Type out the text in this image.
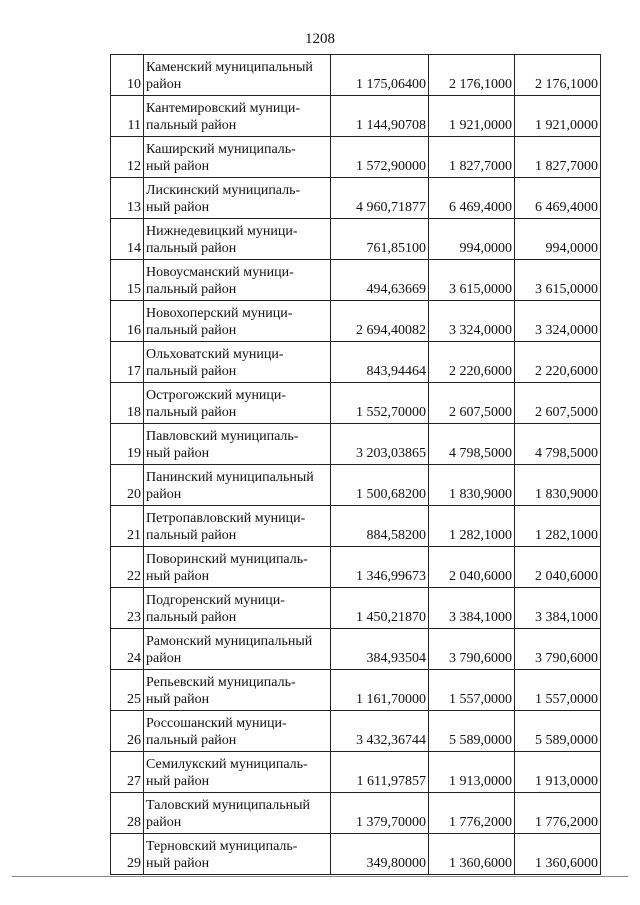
1208
10	Каменский муниципальный
район	1 175,06400	2 176,1000	2 176,1000
11	Кантемировский муници-
пальный район	1 144,90708	1 921,0000	1 921,0000
12	Каширский муниципаль-
ный район	1 572,90000	1 827,7000	1 827,7000
13	Лискинский муниципаль-
ный район	4 960,71877	6 469,4000	6 469,4000
14	Нижнедевицкий муници-
пальный район	761,85100	994,0000	994,0000
15	Новоусманский муници-
пальный район	494,63669	3 615,0000	3 615,0000
16	Новохоперский муници-
пальный район	2 694,40082	3 324,0000	3 324,0000
17	Ольховатский муници-
пальный район	843,94464	2 220,6000	2 220,6000
18	Острогожский муници-
пальный район	1 552,70000	2 607,5000	2 607,5000
19	Павловский муниципаль-
ный район	3 203,03865	4 798,5000	4 798,5000
20	Панинский муниципальный
район	1 500,68200	1 830,9000	1 830,9000
21	Петропавловский муници-
пальный район	884,58200	1 282,1000	1 282,1000
22	Поворинский муниципаль-
ный район	1 346,99673	2 040,6000	2 040,6000
23	Подгоренский муници-
пальный район	1 450,21870	3 384,1000	3 384,1000
24	Рамонский муниципальный
район	384,93504	3 790,6000	3 790,6000
25	Репьевский муниципаль-
ный район	1 161,70000	1 557,0000	1 557,0000
26	Россошанский муници-
пальный район	3 432,36744	5 589,0000	5 589,0000
27	Семилукский муниципаль-
ный район	1 611,97857	1 913,0000	1 913,0000
28	Таловский муниципальный
район	1 379,70000	1 776,2000	1 776,2000
29	Терновский муниципаль-
ный район	349,80000	1 360,6000	1 360,6000
